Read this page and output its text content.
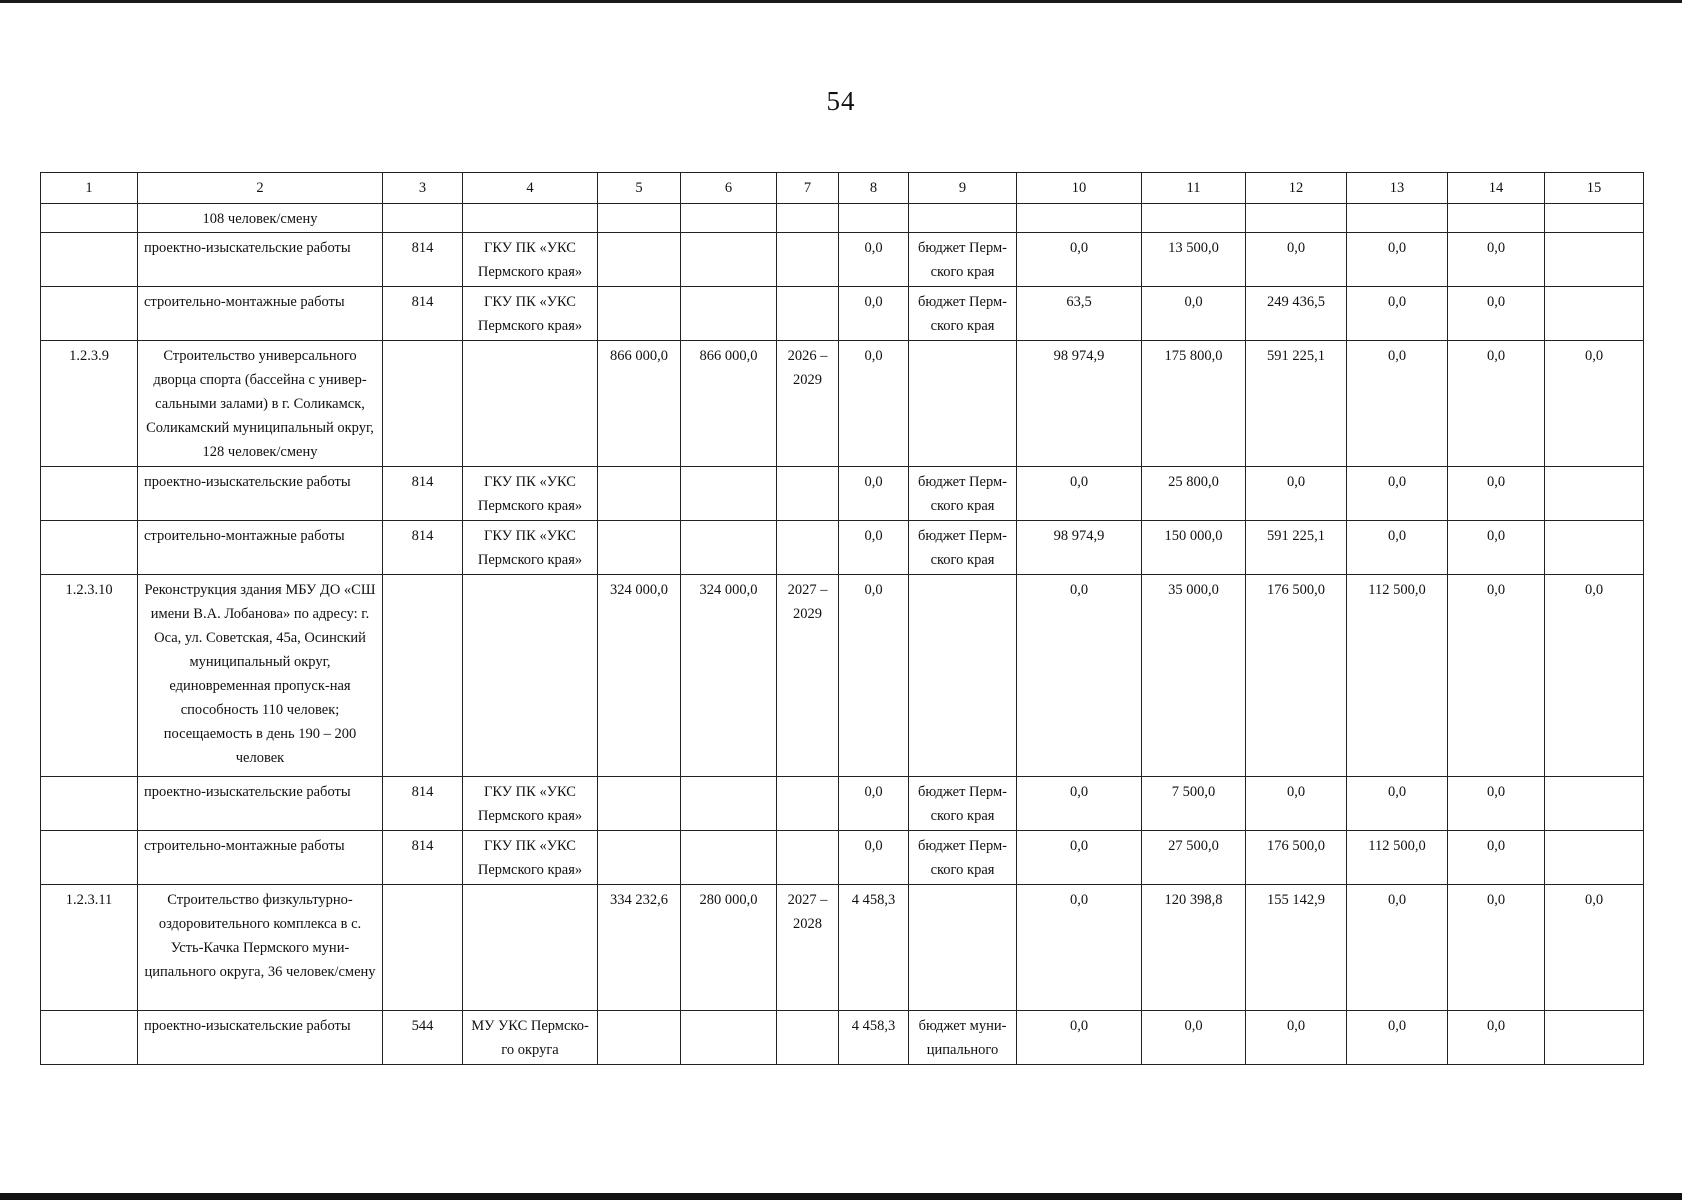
54
1	2	3	4	5	6	7	8	9	10	11	12	13	14	15
	108 человек/смену													
	проектно-изыскательские работы	814	ГКУ ПК «УКС Пермского края»				0,0	бюджет Перм-ского края	0,0	13 500,0	0,0	0,0	0,0	
	строительно-монтажные работы	814	ГКУ ПК «УКС Пермского края»				0,0	бюджет Перм-ского края	63,5	0,0	249 436,5	0,0	0,0	
1.2.3.9	Строительство универсального дворца спорта (бассейна с универ-сальными залами) в г. Соликамск, Соликамский муниципальный округ, 128 человек/смену			866 000,0	866 000,0	2026 – 2029	0,0		98 974,9	175 800,0	591 225,1	0,0	0,0	0,0
	проектно-изыскательские работы	814	ГКУ ПК «УКС Пермского края»				0,0	бюджет Перм-ского края	0,0	25 800,0	0,0	0,0	0,0	
	строительно-монтажные работы	814	ГКУ ПК «УКС Пермского края»				0,0	бюджет Перм-ского края	98 974,9	150 000,0	591 225,1	0,0	0,0	
1.2.3.10	Реконструкция здания МБУ ДО «СШ имени В.А. Лобанова» по адресу: г. Оса, ул. Советская, 45а, Осинский муниципальный округ, единовременная пропуск-ная способность 110 человек; посещаемость в день 190 – 200 человек			324 000,0	324 000,0	2027 – 2029	0,0		0,0	35 000,0	176 500,0	112 500,0	0,0	0,0
	проектно-изыскательские работы	814	ГКУ ПК «УКС Пермского края»				0,0	бюджет Перм-ского края	0,0	7 500,0	0,0	0,0	0,0	
	строительно-монтажные работы	814	ГКУ ПК «УКС Пермского края»				0,0	бюджет Перм-ского края	0,0	27 500,0	176 500,0	112 500,0	0,0	
1.2.3.11	Строительство физкультурно-оздоровительного комплекса в с. Усть-Качка Пермского муни-ципального округа, 36 человек/смену			334 232,6	280 000,0	2027 – 2028	4 458,3		0,0	120 398,8	155 142,9	0,0	0,0	0,0
	проектно-изыскательские работы	544	МУ УКС Пермско-го округа				4 458,3	бюджет муни-ципального	0,0	0,0	0,0	0,0	0,0	
